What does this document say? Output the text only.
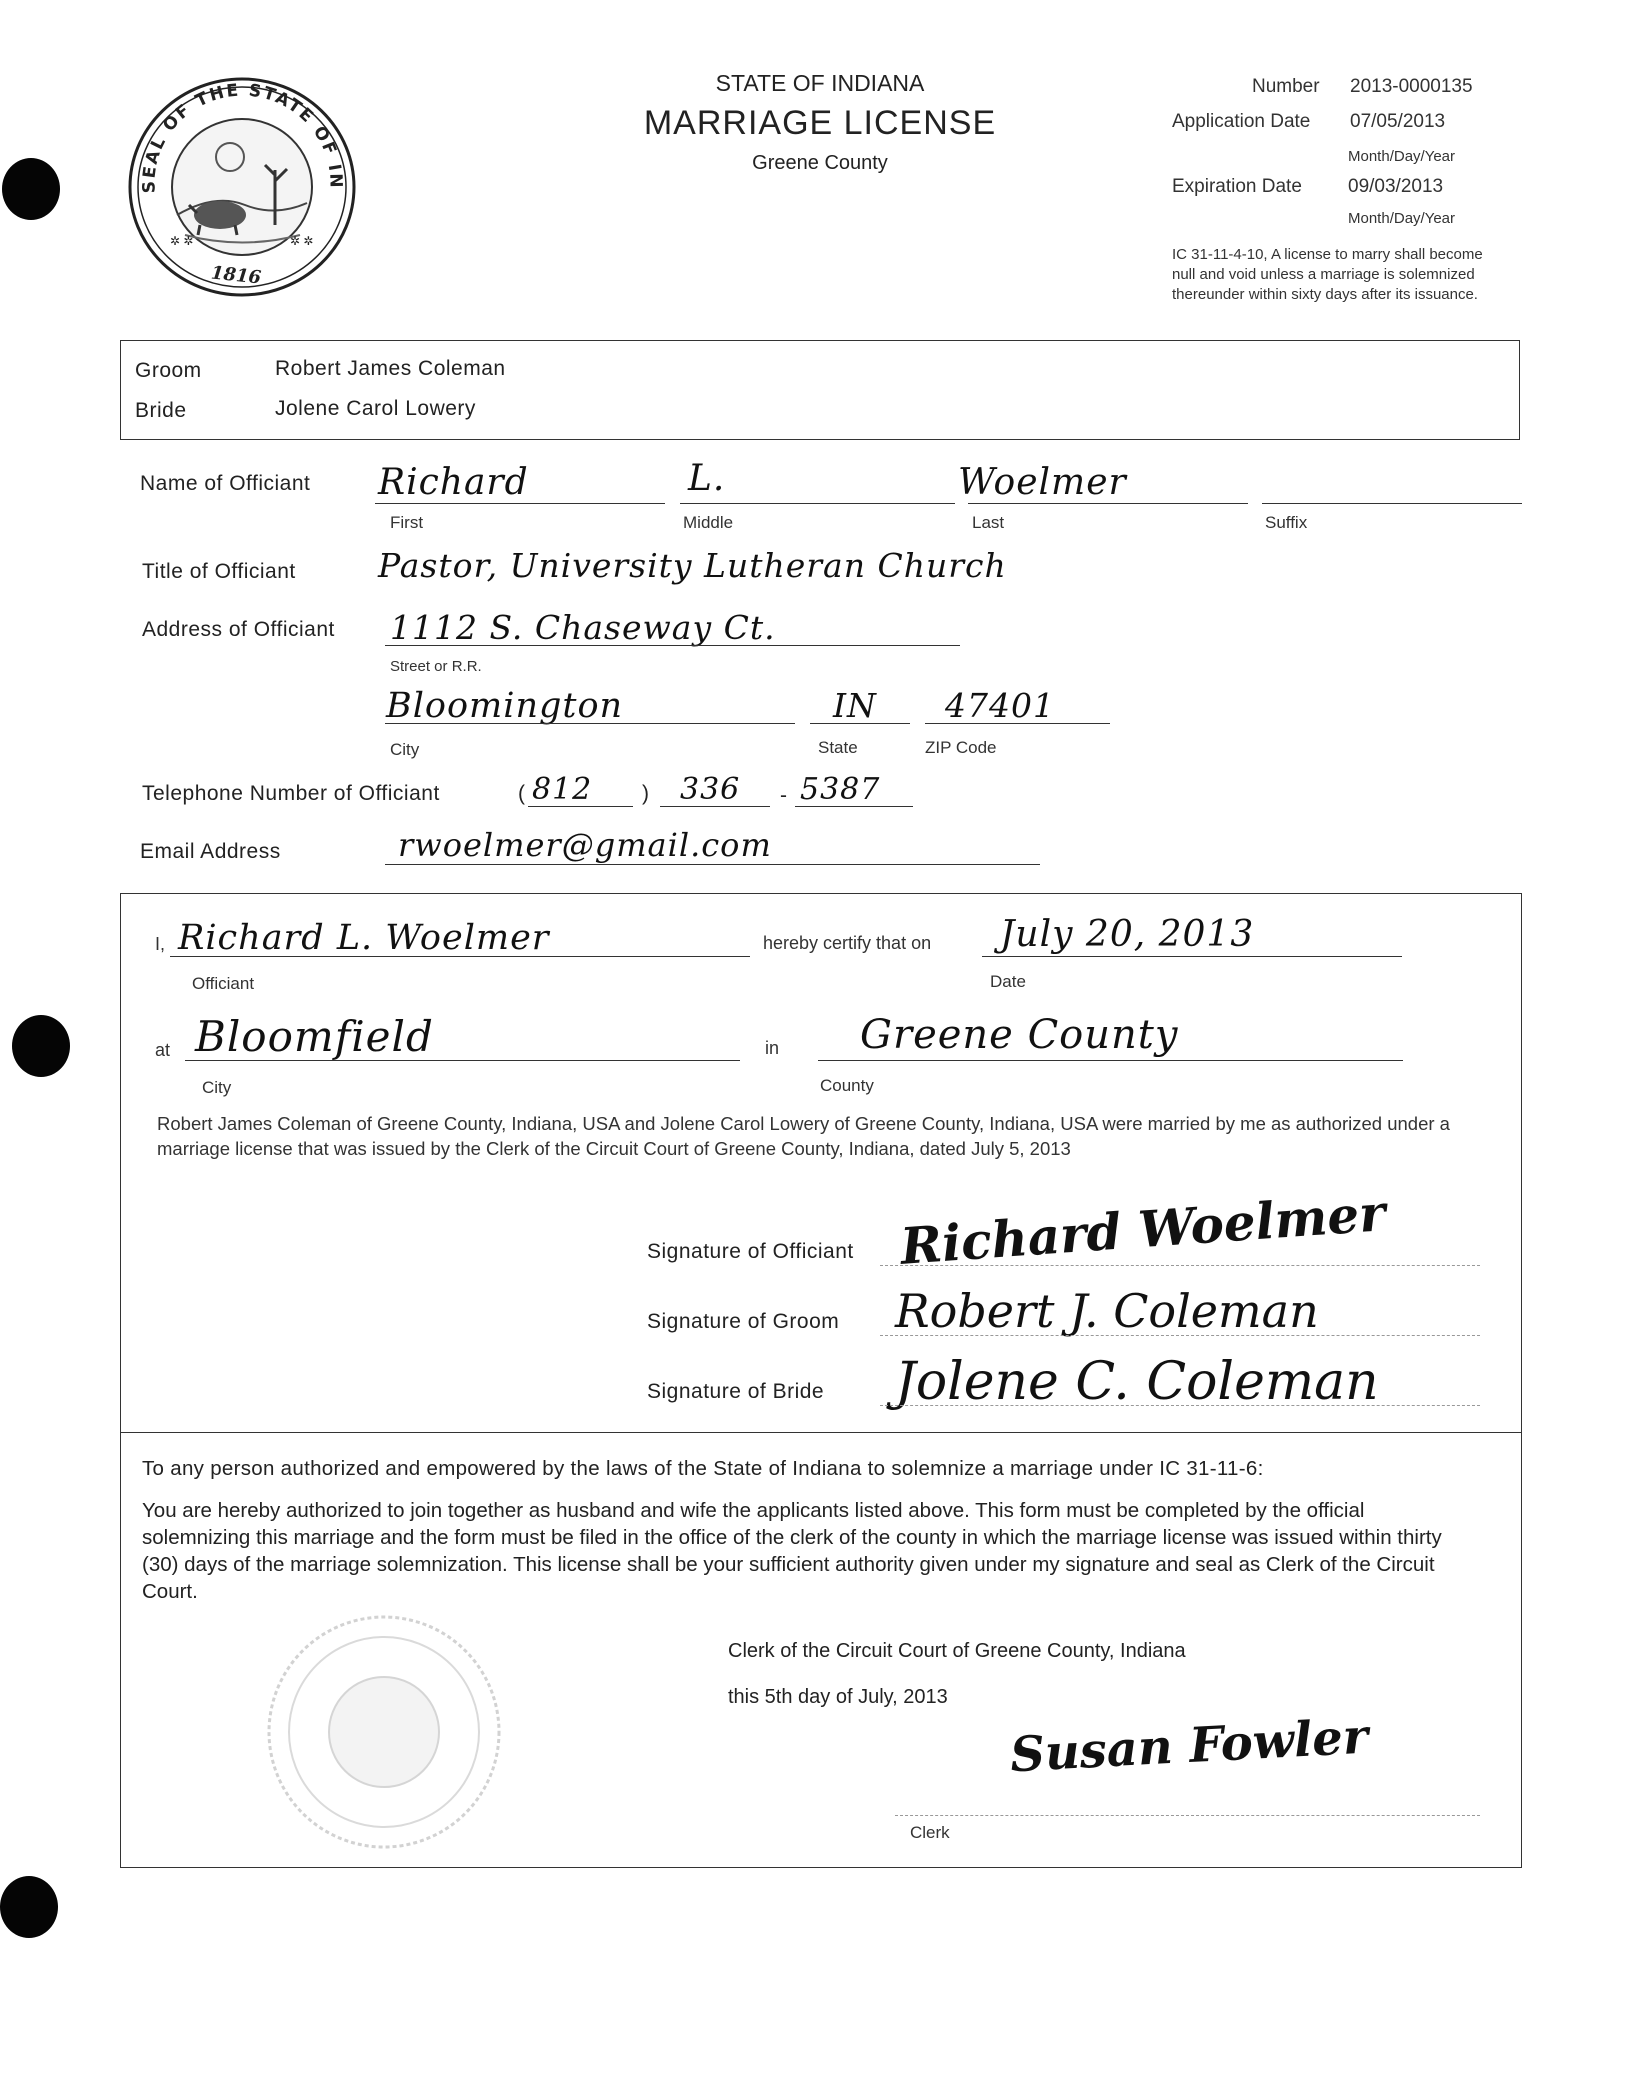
SEAL OF THE STATE OF IN
✲ ✲	✲ ✲
1816
STATE OF INDIANA
MARRIAGE LICENSE
Greene County
Number 2013-0000135
Application Date 07/05/2013
Month/Day/Year
Expiration Date 09/03/2013
Month/Day/Year
IC 31-11-4-10, A license to marry shall become null and void unless a marriage is solemnized thereunder within sixty days after its issuance.
Groom	Robert James Coleman
Bride	Jolene Carol Lowery
Name of Officiant Richard	L.	Woelmer
First	Middle	Last	Suffix
Title of Officiant Pastor, University Lutheran Church
Address of Officiant 1112 S. Chaseway Ct.
Street or R.R.
Bloomington	IN 47401
City	State	ZIP Code
Telephone Number of Officiant	( 812 ) 336 - 5387
Email Address	rwoelmer@gmail.com
I, Richard L. Woelmer
Officiant
hereby certify that on July 20, 2013
Date
at Bloomfield
City
in Greene County
County
Robert James Coleman of Greene County, Indiana, USA and Jolene Carol Lowery of Greene County, Indiana, USA were married by me as authorized under a marriage license that was issued by the Clerk of the Circuit Court of Greene County, Indiana, dated July 5, 2013
Signature of Officiant Richard Woelmer
Signature of Groom Robert J. Coleman
Signature of Bride Jolene C. Coleman
To any person authorized and empowered by the laws of the State of Indiana to solemnize a marriage under IC 31-11-6:
You are hereby authorized to join together as husband and wife the applicants listed above. This form must be completed by the official solemnizing this marriage and the form must be filed in the office of the clerk of the county in which the marriage license was issued within thirty (30) days of the marriage solemnization. This license shall be your sufficient authority given under my signature and seal as Clerk of the Circuit Court.
Clerk of the Circuit Court of Greene County, Indiana
this 5th day of July, 2013
Susan Fowler
Clerk
